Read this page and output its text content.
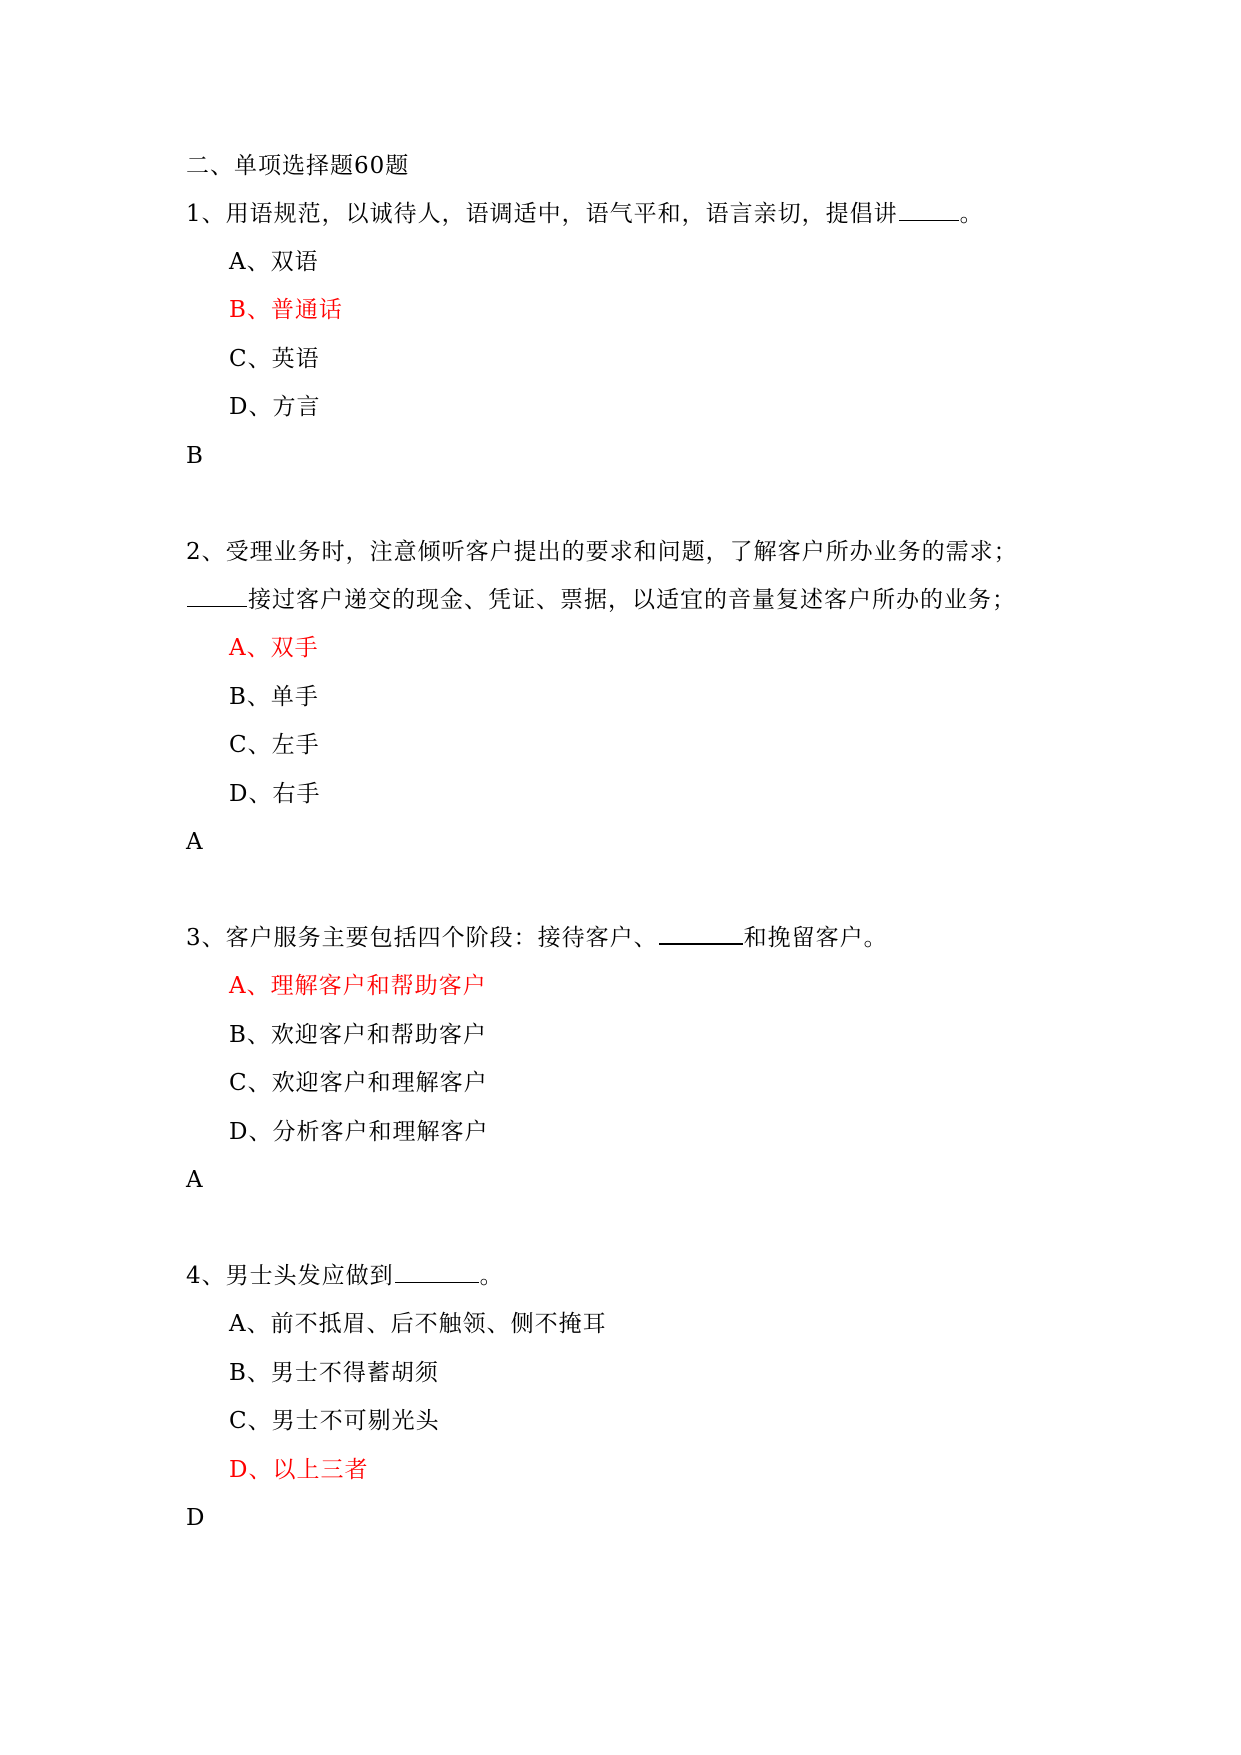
二、单项选择题60题

1、用语规范，以诚待人，语调适中，语气平和，语言亲切，提倡讲	。

A、双语

B、普通话

C、英语

D、方言

B

2、受理业务时，注意倾听客户提出的要求和问题，了解客户所办业务的需求；

接过客户递交的现金、凭证、票据，以适宜的音量复述客户所办的业务；

A、双手

B、单手

C、左手

D、右手

A

3、客户服务主要包括四个阶段：接待客户、	和挽留客户。

A、理解客户和帮助客户

B、欢迎客户和帮助客户

C、欢迎客户和理解客户

D、分析客户和理解客户

A

4、男士头发应做到	。

A、前不抵眉、后不触领、侧不掩耳

B、男士不得蓄胡须

C、男士不可剔光头

D、以上三者

D
